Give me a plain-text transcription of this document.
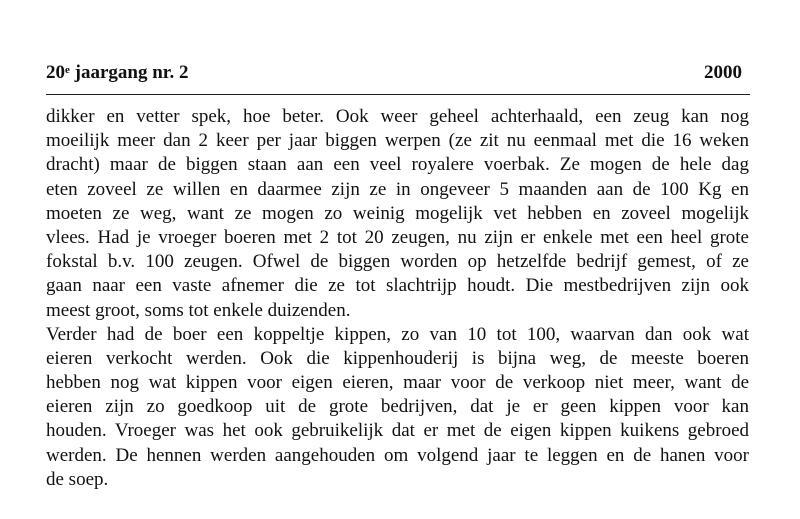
20e jaargang nr. 2	2000
dikker en vetter spek, hoe beter. Ook weer geheel achterhaald, een zeug kan nog
moeilijk meer dan 2 keer per jaar biggen werpen (ze zit nu eenmaal met die 16 weken
dracht) maar de biggen staan aan een veel royalere voerbak. Ze mogen de hele dag
eten zoveel ze willen en daarmee zijn ze in ongeveer 5 maanden aan de 100 Kg en
moeten ze weg, want ze mogen zo weinig mogelijk vet hebben en zoveel mogelijk
vlees. Had je vroeger boeren met 2 tot 20 zeugen, nu zijn er enkele met een heel grote
fokstal b.v. 100 zeugen. Ofwel de biggen worden op hetzelfde bedrijf gemest, of ze
gaan naar een vaste afnemer die ze tot slachtrijp houdt. Die mestbedrijven zijn ook
meest groot, soms tot enkele duizenden.
Verder had de boer een koppeltje kippen, zo van 10 tot 100, waarvan dan ook wat
eieren verkocht werden. Ook die kippenhouderij is bijna weg, de meeste boeren
hebben nog wat kippen voor eigen eieren, maar voor de verkoop niet meer, want de
eieren zijn zo goedkoop uit de grote bedrijven, dat je er geen kippen voor kan
houden. Vroeger was het ook gebruikelijk dat er met de eigen kippen kuikens gebroed
werden. De hennen werden aangehouden om volgend jaar te leggen en de hanen voor
de soep.
